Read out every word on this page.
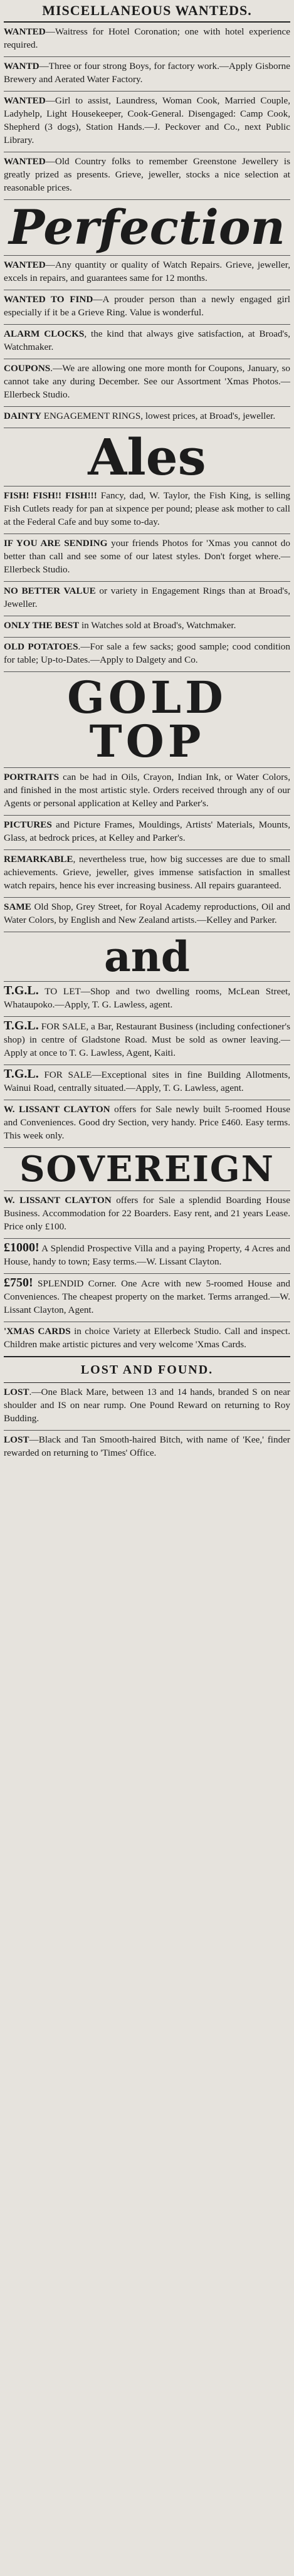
MISCELLANEOUS WANTEDS.

WANTED—Waitress for Hotel Coronation; one with hotel experience required.

WANTD—Three or four strong Boys, for factory work.—Apply Gisborne Brewery and Aerated Water Factory.

WANTED—Girl to assist, Laundress, Woman Cook, Married Couple, Ladyhelp, Light Housekeeper, Cook-General. Disengaged: Camp Cook, Shepherd (3 dogs), Station Hands.—J. Peckover and Co., next Public Library.

WANTED—Old Country folks to remember Greenstone Jewellery is greatly prized as presents. Grieve, jeweller, stocks a nice selection at reasonable prices.

Perfection

WANTED—Any quantity or quality of Watch Repairs. Grieve, jeweller, excels in repairs, and guarantees same for 12 months.

WANTED TO FIND—A prouder person than a newly engaged girl especially if it be a Grieve Ring. Value is wonderful.

ALARM CLOCKS, the kind that always give satisfaction, at Broad's, Watchmaker.

COUPONS.—We are allowing one more month for Coupons, January, so cannot take any during December. See our Assortment 'Xmas Photos.—Ellerbeck Studio.

DAINTY ENGAGEMENT RINGS, lowest prices, at Broad's, jeweller.

Ales

FISH! FISH!! FISH!!! Fancy, dad, W. Taylor, the Fish King, is selling Fish Cutlets ready for pan at sixpence per pound; please ask mother to call at the Federal Cafe and buy some to-day.

IF YOU ARE SENDING your friends Photos for 'Xmas you cannot do better than call and see some of our latest styles. Don't forget where.—Ellerbeck Studio.

NO BETTER VALUE or variety in Engagement Rings than at Broad's, Jeweller.

ONLY THE BEST in Watches sold at Broad's, Watchmaker.

OLD POTATOES.—For sale a few sacks; good sample; cood condition for table; Up-to-Dates.—Apply to Dalgety and Co.

GOLD TOP

PORTRAITS can be had in Oils, Crayon, Indian Ink, or Water Colors, and finished in the most artistic style. Orders received through any of our Agents or personal application at Kelley and Parker's.

PICTURES and Picture Frames, Mouldings, Artists' Materials, Mounts, Glass, at bedrock prices, at Kelley and Parker's.

REMARKABLE, nevertheless true, how big successes are due to small achievements. Grieve, jeweller, gives immense satisfaction in smallest watch repairs, hence his ever increasing business. All repairs guaranteed.

SAME Old Shop, Grey Street, for Royal Academy reproductions, Oil and Water Colors, by English and New Zealand artists.—Kelley and Parker.

and

T.G.L. TO LET—Shop and two dwelling rooms, McLean Street, Whataupoko.—Apply, T. G. Lawless, agent.

T.G.L. FOR SALE, a Bar, Restaurant Business (including confectioner's shop) in centre of Gladstone Road. Must be sold as owner leaving.—Apply at once to T. G. Lawless, Agent, Kaiti.

T.G.L. FOR SALE—Exceptional sites in fine Building Allotments, Wainui Road, centrally situated.—Apply, T. G. Lawless, agent.

W. LISSANT CLAYTON offers for Sale newly built 5-roomed House and Conveniences. Good dry Section, very handy. Price £460. Easy terms. This week only.

SOVEREIGN

W. LISSANT CLAYTON offers for Sale a splendid Boarding House Business. Accommodation for 22 Boarders. Easy rent, and 21 years Lease. Price only £100.

£1000! A Splendid Prospective Villa and a paying Property, 4 Acres and House, handy to town; Easy terms.—W. Lissant Clayton.

£750! SPLENDID Corner. One Acre with new 5-roomed House and Conveniences. The cheapest property on the market. Terms arranged.—W. Lissant Clayton, Agent.

'XMAS CARDS in choice Variety at Ellerbeck Studio. Call and inspect. Children make artistic pictures and very welcome 'Xmas Cards.

LOST AND FOUND.

LOST.—One Black Mare, between 13 and 14 hands, branded S on near shoulder and IS on near rump. One Pound Reward on returning to Roy Budding.

LOST—Black and Tan Smooth-haired Bitch, with name of 'Kee,' finder rewarded on returning to 'Times' Office.
